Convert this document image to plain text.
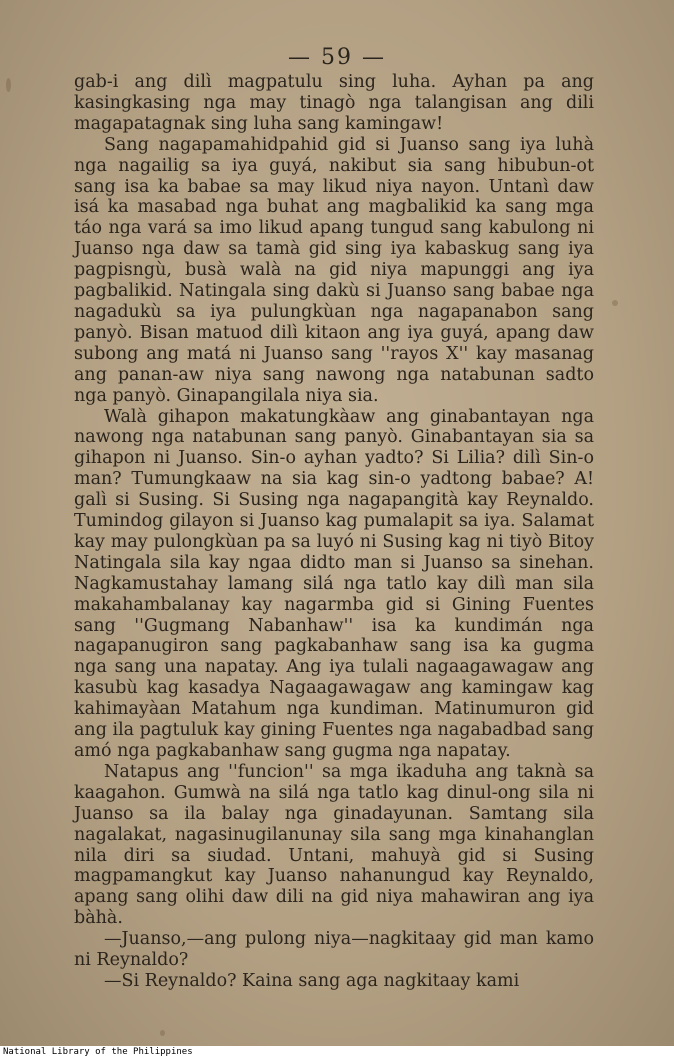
— 59 —

gab-i ang dilì magpatulu sing luha. Ayhan pa ang kasingkasing nga may tinagò nga talangisan ang dili magapatagnak sing luha sang kamingaw!

Sang nagapamahidpahid gid si Juanso sang iya luhà nga nagailig sa iya guyá, nakibut sia sang hibubun-ot sang isa ka babae sa may likud niya nayon. Untanì daw isá ka masabad nga buhat ang magbalikid ka sang mga táo nga vará sa imo likud apang tungud sang kabulong ni Juanso nga daw sa tamà gid sing iya kabaskug sang iya pagpisngù, busà walà na gid niya mapunggi ang iya pagbalikid. Natingala sing dakù si Juanso sang babae nga nagadukù sa iya pulungkùan nga nagapanabon sang panyò. Bisan matuod dilì kitaon ang iya guyá, apang daw subong ang matá ni Juanso sang ''rayos X'' kay masanag ang panan-aw niya sang nawong nga natabunan sadto nga panyò. Ginapangilala niya sia.

Walà gihapon makatungkàaw ang ginabantayan nga nawong nga natabunan sang panyò. Ginabantayan sia sa gihapon ni Juanso. Sin-o ayhan yadto? Si Lilia? dilì Sin-o man? Tumungkaaw na sia kag sin-o yadtong babae? A! galì si Susing. Si Susing nga nagapangità kay Reynaldo. Tumindog gilayon si Juanso kag pumalapit sa iya. Salamat kay may pulongkùan pa sa luyó ni Susing kag ni tiyò Bitoy Natingala sila kay ngaa didto man si Juanso sa sinehan. Nagkamustahay lamang silá nga tatlo kay dilì man sila makahambalanay kay nagarmba gid si Gining Fuentes sang ''Gugmang Nabanhaw'' isa ka kundimán nga nagapanugiron sang pagkabanhaw sang isa ka gugma nga sang una napatay. Ang iya tulali nagaagawagaw ang kasubù kag kasadya Nagaagawagaw ang kamingaw kag kahimayàan Matahum nga kundiman. Matinumuron gid ang ila pagtuluk kay gining Fuentes nga nagabadbad sang amó nga pagkabanhaw sang gugma nga napatay.

Natapus ang ''funcion'' sa mga ikaduha ang taknà sa kaagahon. Gumwà na silá nga tatlo kag dinul-ong sila ni Juanso sa ila balay nga ginadayunan. Samtang sila nagalakat, nagasinugilanunay sila sang mga kinahanglan nila diri sa siudad. Untani, mahuyà gid si Susing magpamangkut kay Juanso nahanungud kay Reynaldo, apang sang olihi daw dili na gid niya mahawiran ang iya bàhà.

—Juanso,—ang pulong niya—nagkitaay gid man kamo ni Reynaldo?

—Si Reynaldo? Kaina sang aga nagkitaay kami

National Library of the Philippines
